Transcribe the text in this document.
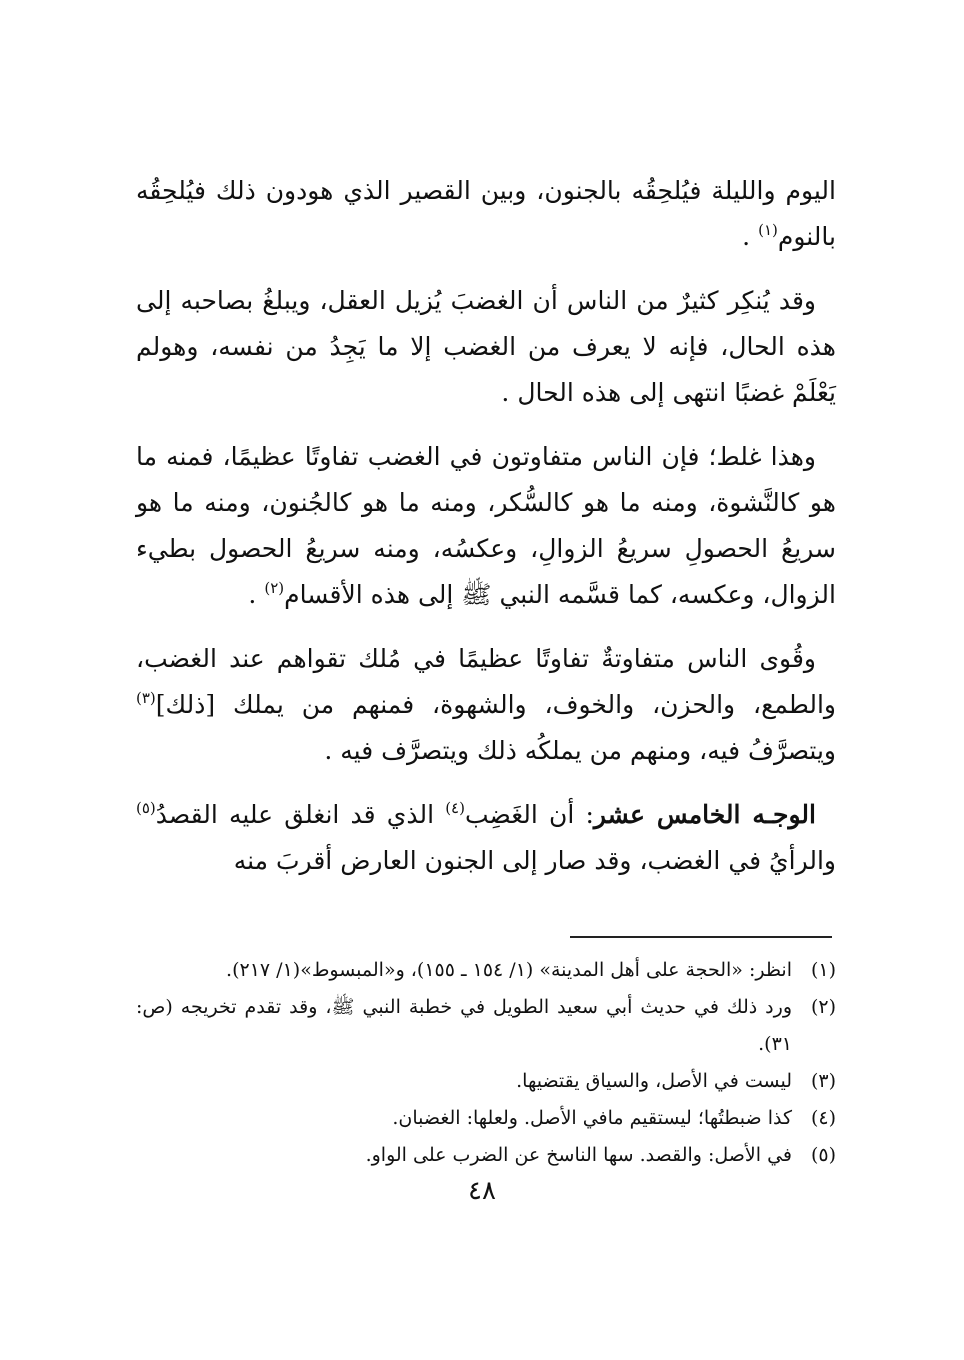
اليوم والليلة فيُلحِقُه بالجنون، وبين القصير الذي هودون ذلك فيُلحِقُه بالنوم$^{(١)}$ .

وقد يُنكِر كثيرٌ من الناس أن الغضبَ يُزيل العقل، ويبلغُ بصاحبه إلى هذه الحال، فإنه لا يعرف من الغضب إلا ما يَجِدُ من نفسه، وهولم يَعْلَمْ غضبًا انتهى إلى هذه الحال .

وهذا غلط؛ فإن الناس متفاوتون في الغضب تفاوتًا عظيمًا، فمنه ما هو كالنَّشوة، ومنه ما هو كالسُّكر، ومنه ما هو كالجُنون، ومنه ما هو سريعُ الحصولِ سريعُ الزوالِ، وعكسُه، ومنه سريعُ الحصول بطيء الزوال، وعكسه، كما قسَّمه النبي ﷺ إلى هذه الأقسام$^{(٢)}$ .

وقُوى الناس متفاوتةٌ تفاوتًا عظيمًا في مُلك تقواهم عند الغضب، والطمع، والحزن، والخوف، والشهوة، فمنهم من يملك [ذلك]$^{(٣)}$ ويتصرَّفُ فيه، ومنهم من يملكُه ذلك ويتصرَّف فيه .

الوجـه الخامس عشر: أن الغَضِب$^{(٤)}$ الذي قد انغلق عليه القصدُ$^{(٥)}$ والرأيُ في الغضب، وقد صار إلى الجنون العارض أقربَ منه

(١)
انظر: «الحجة على أهل المدينة» (١/ ١٥٤ ـ ١٥٥)، و«المبسوط»(١/ ٢١٧).
(٢)
ورد ذلك في حديث أبي سعيد الطويل في خطبة النبي ﷺ، وقد تقدم تخريجه (ص: ٣١).
(٣)
ليست في الأصل، والسياق يقتضيها.
(٤)
كذا ضبطتُها؛ ليستقيم مافي الأصل. ولعلها: الغضبان.
(٥)
في الأصل: والقصد. سها الناسخ عن الضرب على الواو.
٤٨
